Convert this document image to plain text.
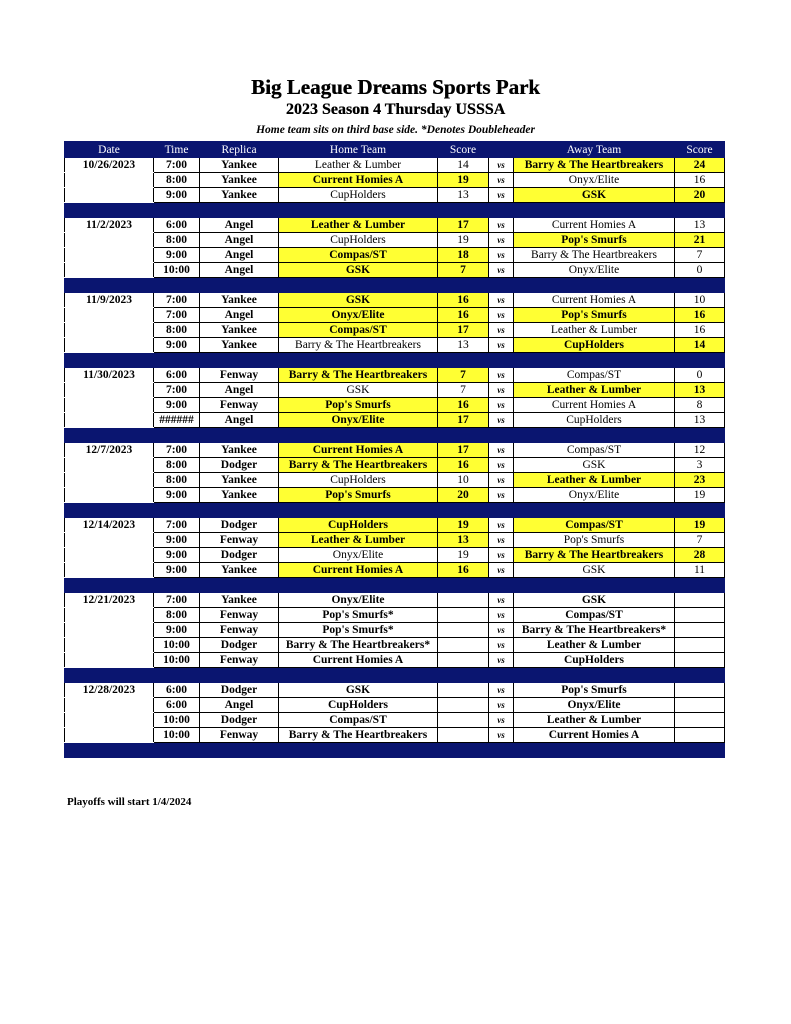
Big League Dreams Sports Park
2023 Season 4 Thursday USSSA
Home team sits on third base side. *Denotes Doubleheader
Date	Time	Replica	Home Team	Score		Away Team	Score
10/26/2023	7:00	Yankee	Leather & Lumber	14	vs	Barry & The Heartbreakers	24
	8:00	Yankee	Current Homies A	19	vs	Onyx/Elite	16
	9:00	Yankee	CupHolders	13	vs	GSK	20

11/2/2023	6:00	Angel	Leather & Lumber	17	vs	Current Homies A	13
	8:00	Angel	CupHolders	19	vs	Pop's Smurfs	21
	9:00	Angel	Compas/ST	18	vs	Barry & The Heartbreakers	7
	10:00	Angel	GSK	7	vs	Onyx/Elite	0

11/9/2023	7:00	Yankee	GSK	16	vs	Current Homies A	10
	7:00	Angel	Onyx/Elite	16	vs	Pop's Smurfs	16
	8:00	Yankee	Compas/ST	17	vs	Leather & Lumber	16
	9:00	Yankee	Barry & The Heartbreakers	13	vs	CupHolders	14

11/30/2023	6:00	Fenway	Barry & The Heartbreakers	7	vs	Compas/ST	0
	7:00	Angel	GSK	7	vs	Leather & Lumber	13
	9:00	Fenway	Pop's Smurfs	16	vs	Current Homies A	8
	######	Angel	Onyx/Elite	17	vs	CupHolders	13

12/7/2023	7:00	Yankee	Current Homies A	17	vs	Compas/ST	12
	8:00	Dodger	Barry & The Heartbreakers	16	vs	GSK	3
	8:00	Yankee	CupHolders	10	vs	Leather & Lumber	23
	9:00	Yankee	Pop's Smurfs	20	vs	Onyx/Elite	19

12/14/2023	7:00	Dodger	CupHolders	19	vs	Compas/ST	19
	9:00	Fenway	Leather & Lumber	13	vs	Pop's Smurfs	7
	9:00	Dodger	Onyx/Elite	19	vs	Barry & The Heartbreakers	28
	9:00	Yankee	Current Homies A	16	vs	GSK	11

12/21/2023	7:00	Yankee	Onyx/Elite		vs	GSK	
	8:00	Fenway	Pop's Smurfs*		vs	Compas/ST	
	9:00	Fenway	Pop's Smurfs*		vs	Barry & The Heartbreakers*	
	10:00	Dodger	Barry & The Heartbreakers*		vs	Leather & Lumber	
	10:00	Fenway	Current Homies A		vs	CupHolders	

12/28/2023	6:00	Dodger	GSK		vs	Pop's Smurfs	
	6:00	Angel	CupHolders		vs	Onyx/Elite	
	10:00	Dodger	Compas/ST		vs	Leather & Lumber	
	10:00	Fenway	Barry & The Heartbreakers		vs	Current Homies A	

Playoffs will start 1/4/2024
